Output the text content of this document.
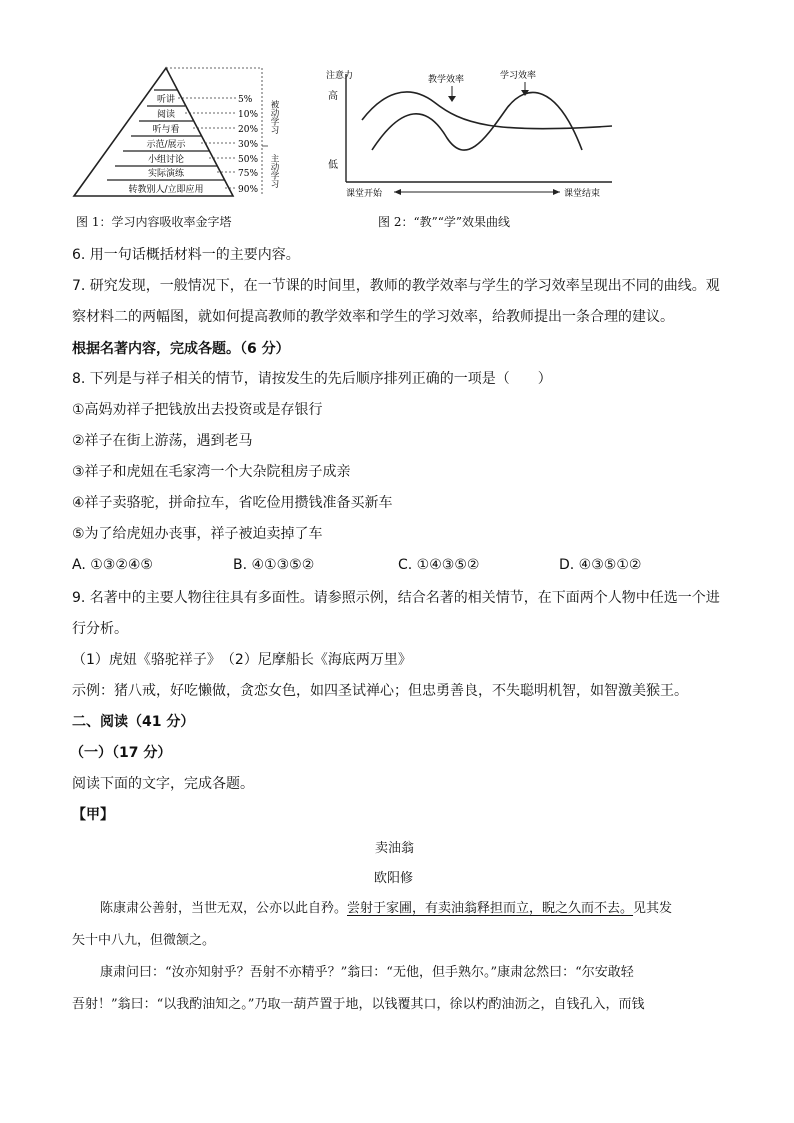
听讲
阅读
听与看
示范/展示
小组讨论
实际演练
转教别人/立即应用
5%
10%
20%
30%
50%
75%
90%
被动学习
主动学习
图 1：学习内容吸收率金字塔
注意力
高
低
教学效率	学习效率
课堂开始	课堂结束
图 2：“教”“学”效果曲线
6. 用一句话概括材料一的主要内容。
7. 研究发现，一般情况下，在一节课的时间里，教师的教学效率与学生的学习效率呈现出不同的曲线。观
察材料二的两幅图，就如何提高教师的教学效率和学生的学习效率，给教师提出一条合理的建议。
根据名著内容，完成各题。（6 分）
8. 下列是与祥子相关的情节，请按发生的先后顺序排列正确的一项是（　　）
①高妈劝祥子把钱放出去投资或是存银行
②祥子在街上游荡，遇到老马
③祥子和虎妞在毛家湾一个大杂院租房子成亲
④祥子卖骆驼，拼命拉车，省吃俭用攒钱准备买新车
⑤为了给虎妞办丧事，祥子被迫卖掉了车
A. ①③②④⑤	B. ④①③⑤②	C. ①④③⑤②	D. ④③⑤①②
9. 名著中的主要人物往往具有多面性。请参照示例，结合名著的相关情节，在下面两个人物中任选一个进
行分析。
（1）虎妞《骆驼祥子》　（2）尼摩船长《海底两万里》
示例：猪八戒，好吃懒做，贪恋女色，如四圣试禅心；但忠勇善良，不失聪明机智，如智激美猴王。
二、阅读（41 分）
（一）（17 分）
阅读下面的文字，完成各题。
【甲】
卖油翁
欧阳修
陈康肃公善射，当世无双，公亦以此自矜。尝射于家圃，有卖油翁释担而立，睨之久而不去。见其发
矢十中八九，但微颔之。
康肃问曰：“汝亦知射乎？吾射不亦精乎？”翁曰：“无他，但手熟尔。”康肃忿然曰：“尔安敢轻
吾射！”翁曰：“以我酌油知之。”乃取一葫芦置于地，以钱覆其口，徐以杓酌油沥之，自钱孔入，而钱
